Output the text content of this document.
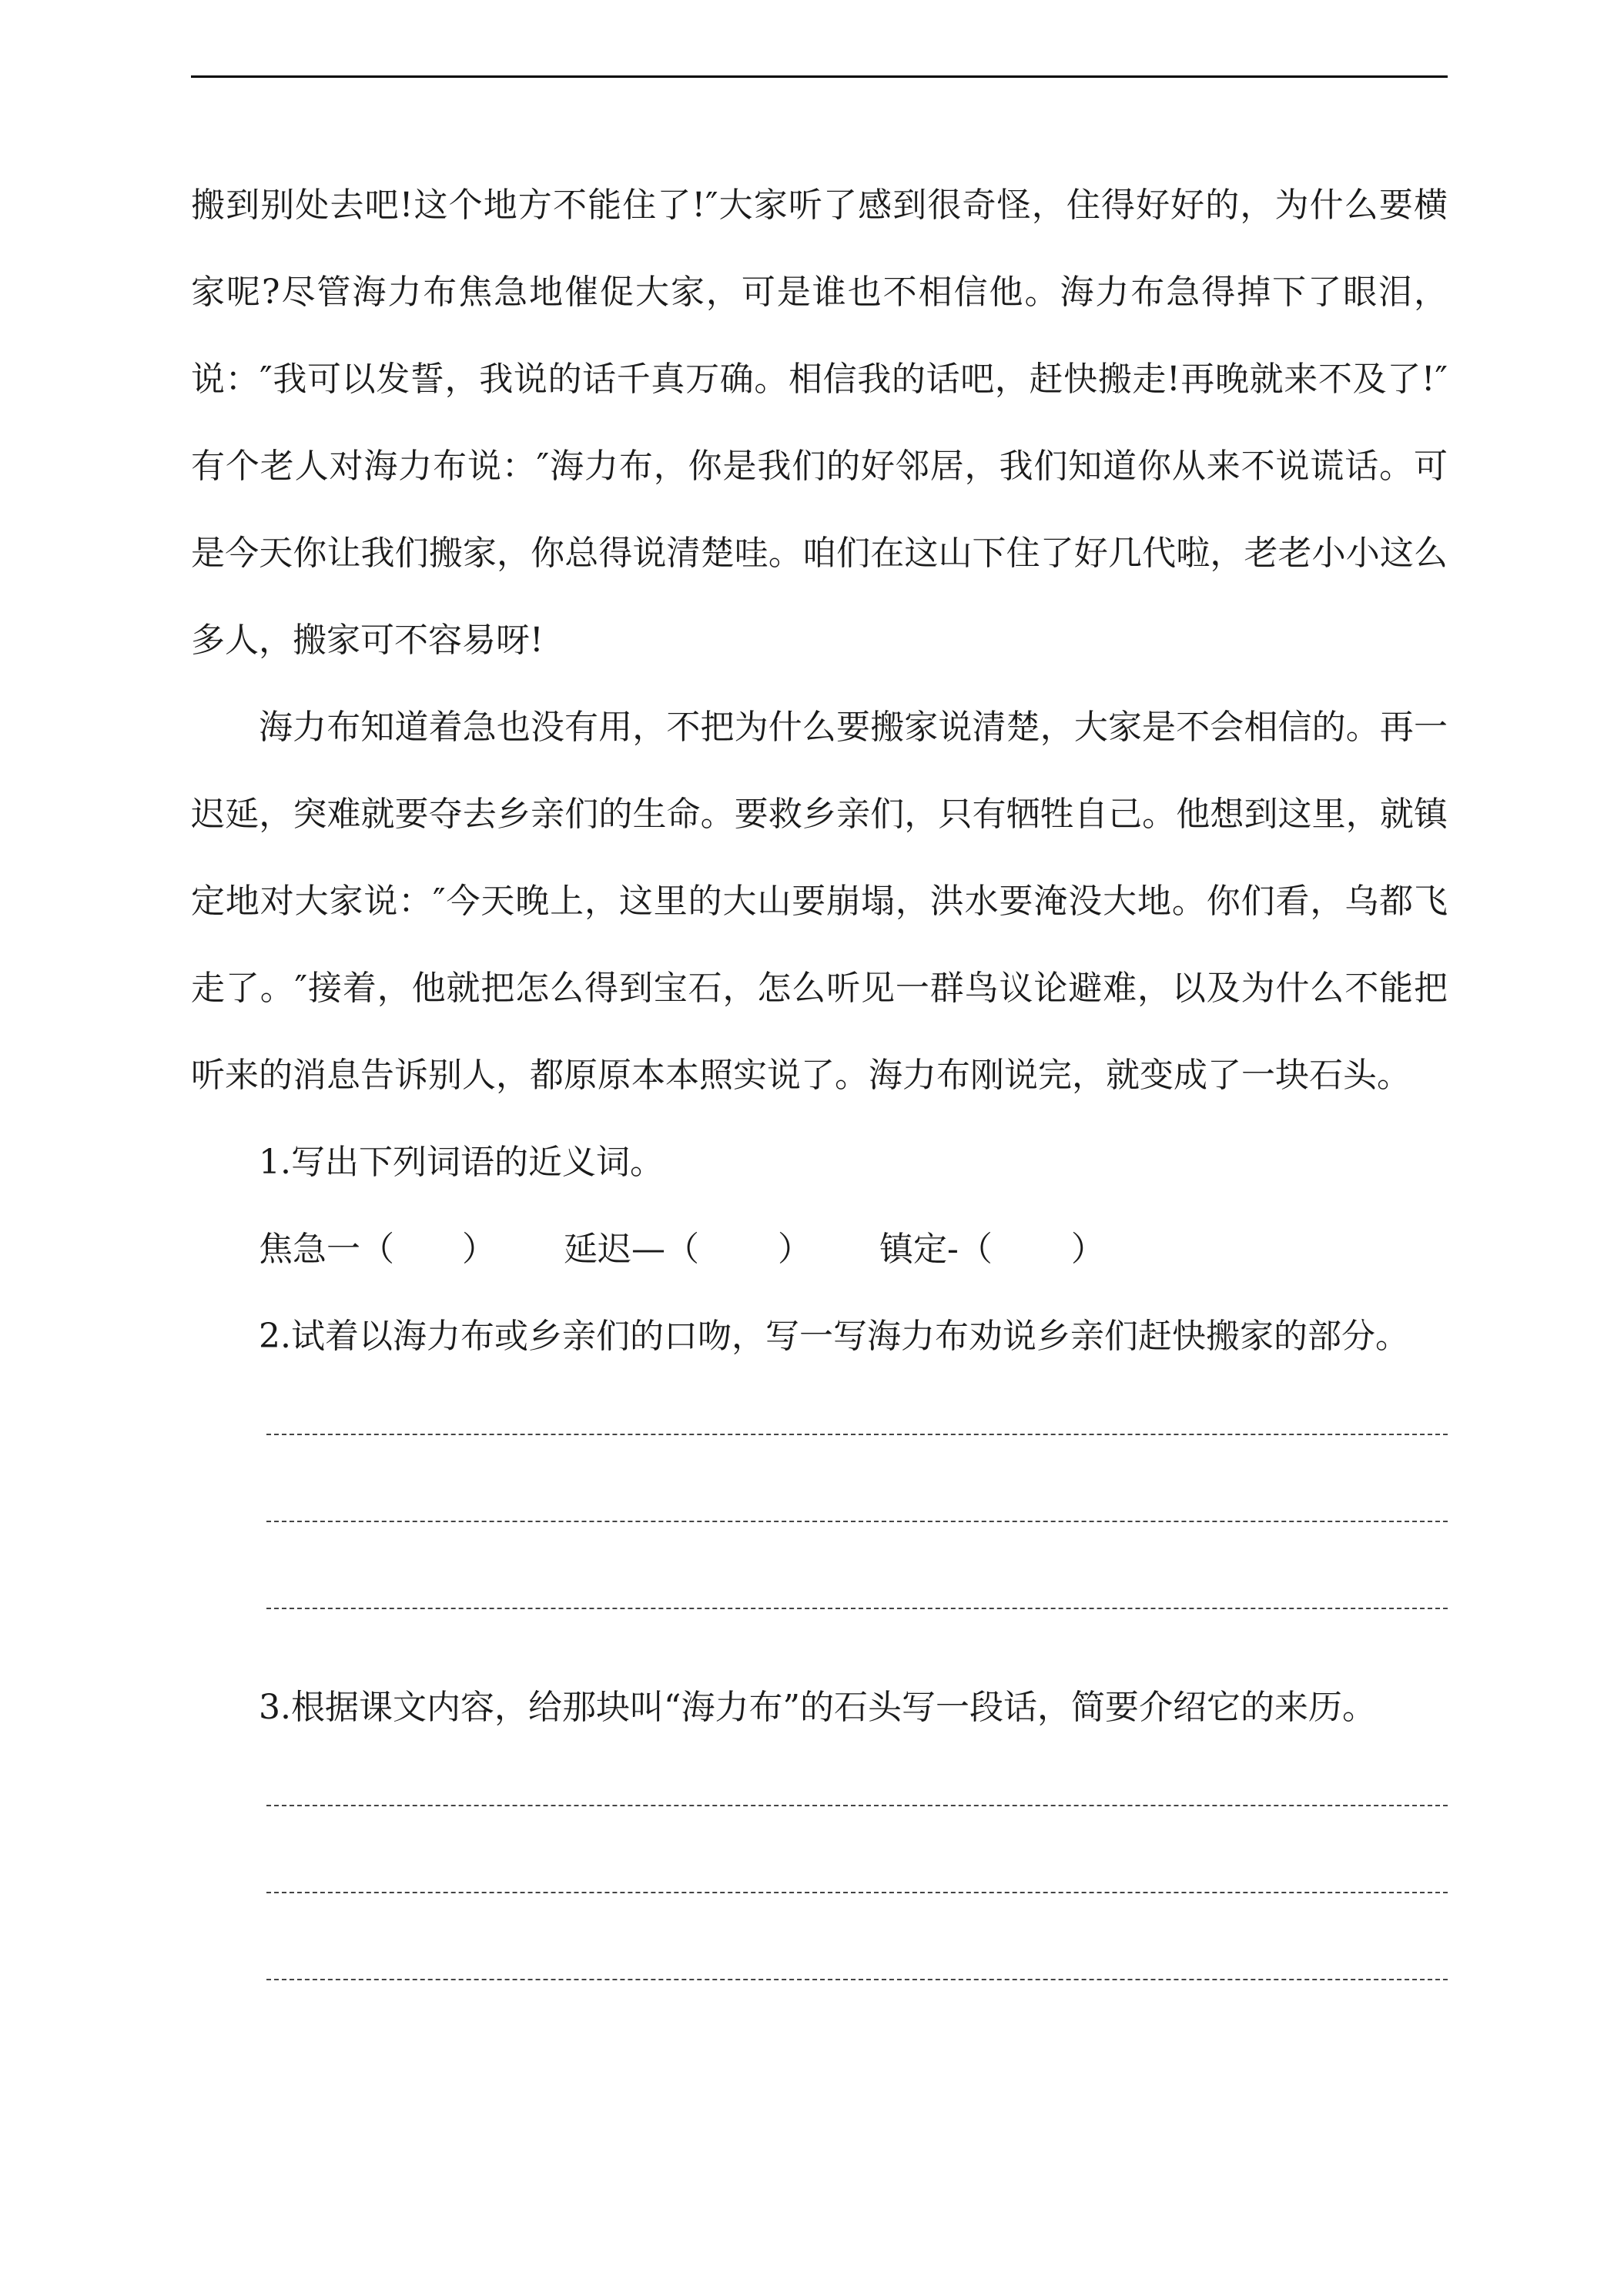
搬到别处去吧!这个地方不能住了!″大家听了感到很奇怪，住得好好的，为什么要横家呢?尽管海力布焦急地催促大家，可是谁也不相信他。海力布急得掉下了眼泪，说：″我可以发誓，我说的话千真万确。相信我的话吧，赶快搬走!再晚就来不及了!″有个老人对海力布说：″海力布，你是我们的好邻居，我们知道你从来不说谎话。可是今天你让我们搬家，你总得说清楚哇。咱们在这山下住了好几代啦，老老小小这么多人，搬家可不容易呀!

海力布知道着急也没有用，不把为什么要搬家说清楚，大家是不会相信的。再一迟延，突难就要夺去乡亲们的生命。要救乡亲们，只有牺牲自己。他想到这里，就镇定地对大家说：″今天晚上，这里的大山要崩塌，洪水要淹没大地。你们看，乌都飞走了。″接着，他就把怎么得到宝石，怎么听见一群鸟议论避难，以及为什么不能把听来的消息告诉别人，都原原本本照实说了。海力布刚说完，就变成了一块石头。

1.写出下列词语的近义词。

焦急一（　　） 延迟—（　　 ） 镇定-（　　 ）

2.试着以海力布或乡亲们的口吻，写一写海力布劝说乡亲们赶快搬家的部分。

3.根据课文内容，给那块叫“海力布”的石头写一段话，简要介绍它的来历。
